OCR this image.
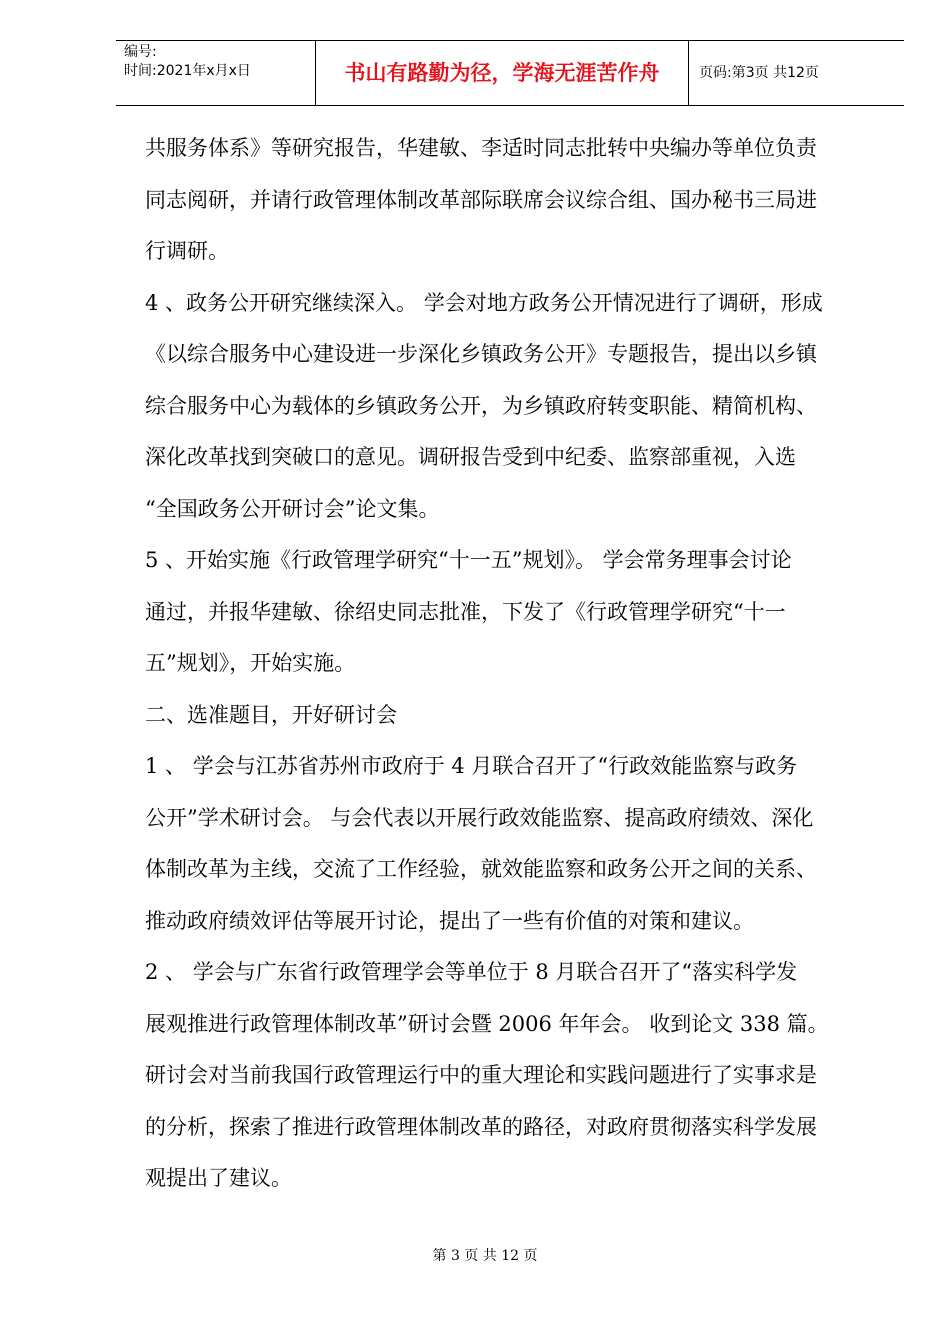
编号:
时间:2021年x月x日	书山有路勤为径，学海无涯苦作舟	页码:第3页 共12页

共服务体系》等研究报告，华建敏、李适时同志批转中央编办等单位负责

同志阅研，并请行政管理体制改革部际联席会议综合组、国办秘书三局进

行调研。

4 、政务公开研究继续深入。 学会对地方政务公开情况进行了调研，形成

《以综合服务中心建设进一步深化乡镇政务公开》专题报告，提出以乡镇

综合服务中心为载体的乡镇政务公开，为乡镇政府转变职能、精简机构、

深化改革找到突破口的意见。调研报告受到中纪委、监察部重视，入选

“全国政务公开研讨会”论文集。

5 、开始实施《行政管理学研究“十一五”规划》。 学会常务理事会讨论

通过，并报华建敏、徐绍史同志批准，下发了《行政管理学研究“十一

五”规划》，开始实施。

二、选准题目，开好研讨会

1 、 学会与江苏省苏州市政府于 4 月联合召开了“行政效能监察与政务

公开”学术研讨会。 与会代表以开展行政效能监察、提高政府绩效、深化

体制改革为主线，交流了工作经验，就效能监察和政务公开之间的关系、

推动政府绩效评估等展开讨论，提出了一些有价值的对策和建议。

2 、 学会与广东省行政管理学会等单位于 8 月联合召开了“落实科学发

展观推进行政管理体制改革”研讨会暨 2006 年年会。 收到论文 338 篇。

研讨会对当前我国行政管理运行中的重大理论和实践问题进行了实事求是

的分析，探索了推进行政管理体制改革的路径，对政府贯彻落实科学发展

观提出了建议。

第 3 页 共 12 页
